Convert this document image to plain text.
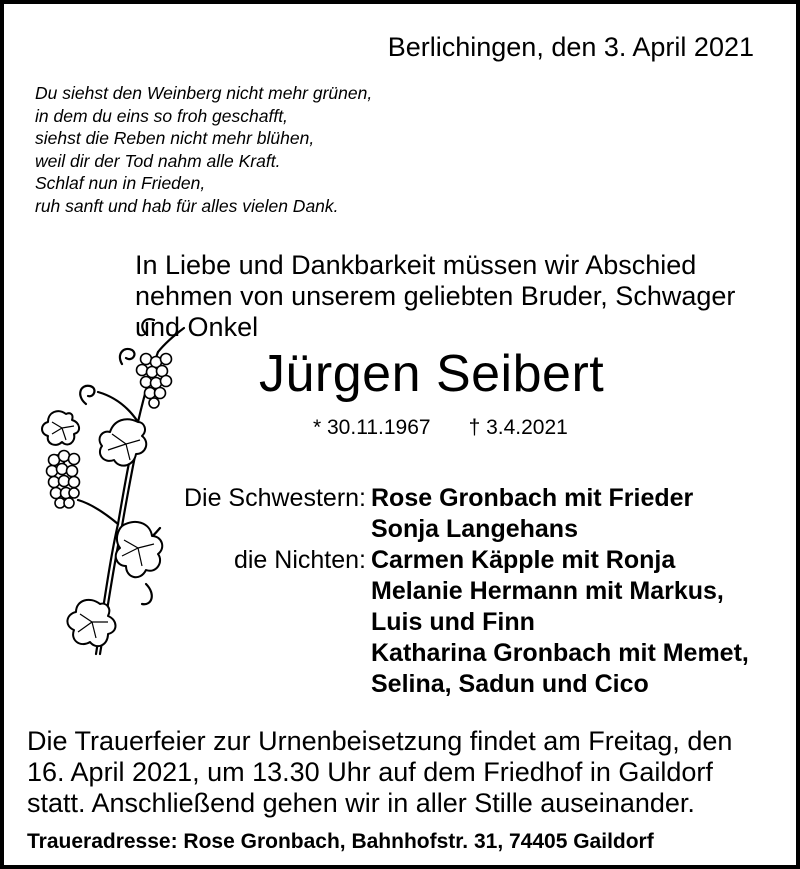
Berlichingen, den 3. April 2021
Du siehst den Weinberg nicht mehr grünen,
in dem du eins so froh geschafft,
siehst die Reben nicht mehr blühen,
weil dir der Tod nahm alle Kraft.
Schlaf nun in Frieden,
ruh sanft und hab für alles vielen Dank.
In Liebe und Dankbarkeit müssen wir Abschied
nehmen von unserem geliebten Bruder, Schwager
und Onkel
Jürgen Seibert
* 30.11.1967 † 3.4.2021
Die Schwestern: Rose Gronbach mit Frieder
Sonja Langehans
die Nichten: Carmen Käpple mit Ronja
Melanie Hermann mit Markus,
Luis und Finn
Katharina Gronbach mit Memet,
Selina, Sadun und Cico
Die Trauerfeier zur Urnenbeisetzung findet am Freitag, den
16. April 2021, um 13.30 Uhr auf dem Friedhof in Gaildorf
statt. Anschließend gehen wir in aller Stille auseinander.
Traueradresse: Rose Gronbach, Bahnhofstr. 31, 74405 Gaildorf
